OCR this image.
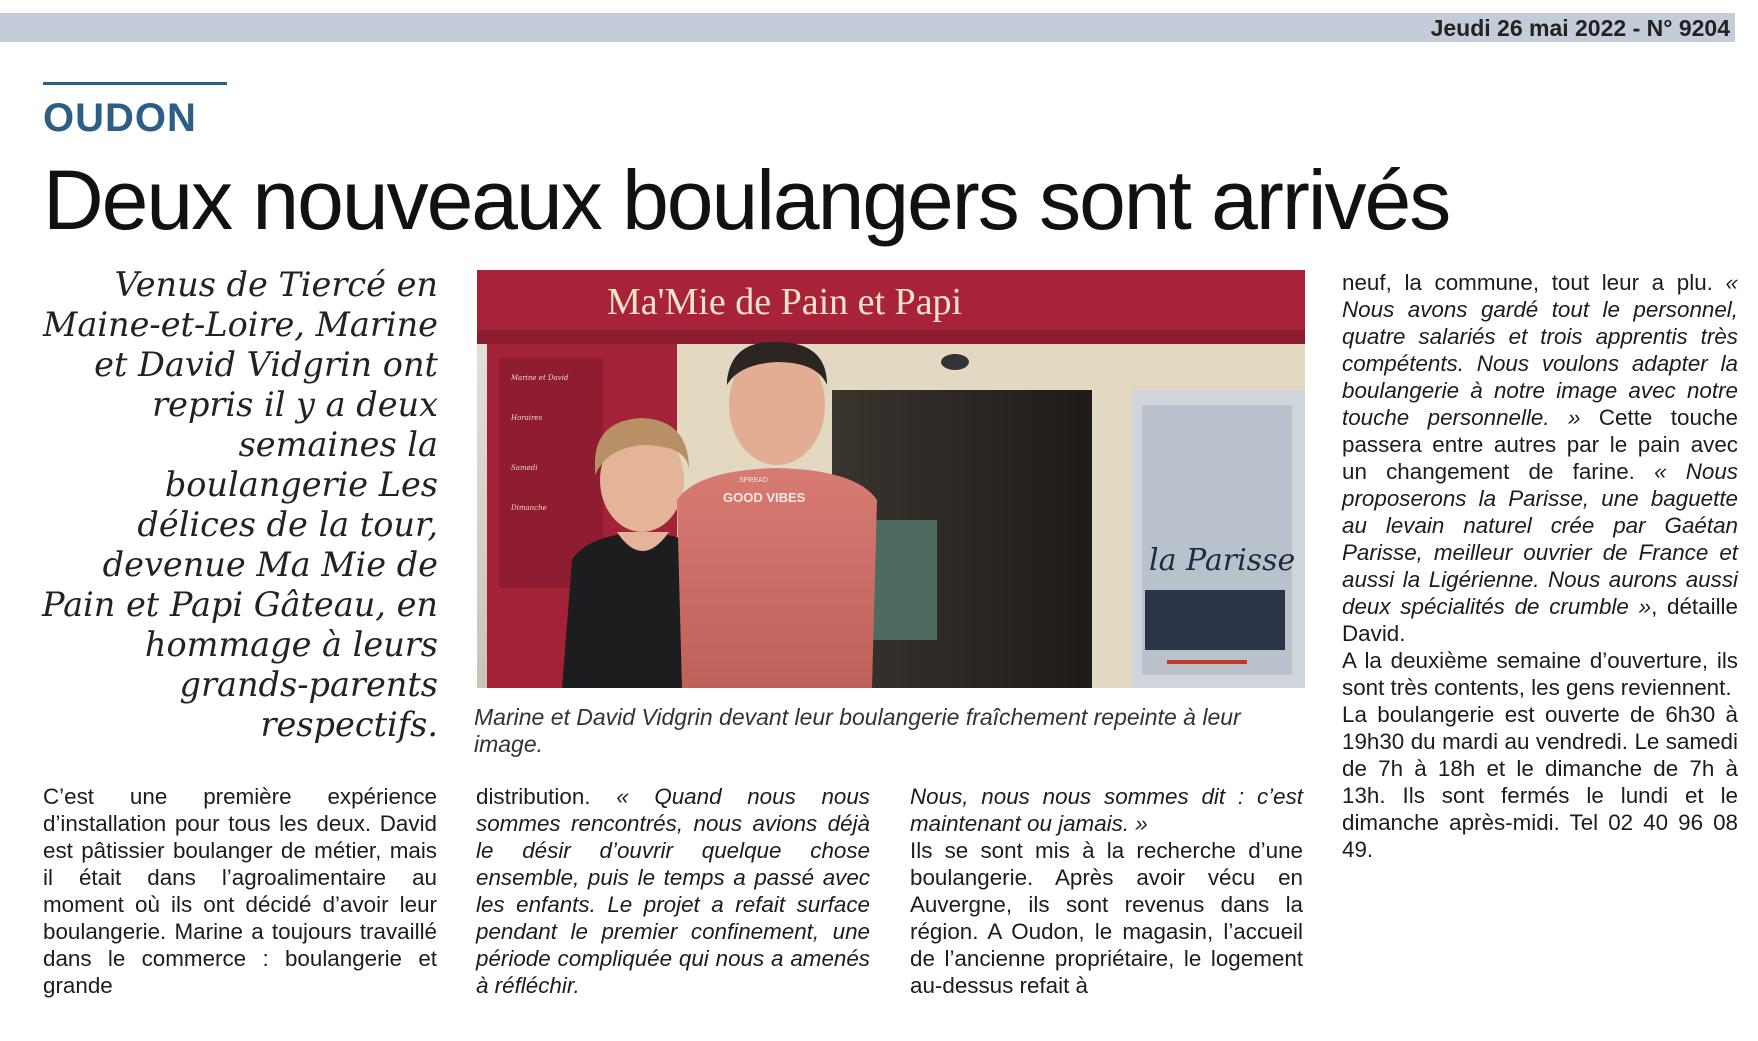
Jeudi 26 mai 2022 - N° 9204
OUDON
Deux nouveaux boulangers sont arrivés
Venus de Tiercé en Maine-et-Loire, Marine et David Vidgrin ont repris il y a deux semaines la boulangerie Les délices de la tour, devenue Ma Mie de Pain et Papi Gâteau, en hommage à leurs grands-parents respectifs.
Marine et David
Horaires
Samedi
Dimanche
Ma'Mie de Pain et Papi
la Parisse
SPREAD
GOOD VIBES
Marine et David Vidgrin devant leur boulangerie fraîchement repeinte à leur image.

C’est une première expérience d’installation pour tous les deux. David est pâtissier boulanger de métier, mais il était dans l’agroalimentaire au moment où ils ont décidé d’avoir leur boulangerie. Marine a toujours travaillé dans le commerce : boulangerie et grande

distribution. « Quand nous nous sommes rencontrés, nous avions déjà le désir d’ouvrir quelque chose ensemble, puis le temps a passé avec les enfants. Le projet a refait surface pendant le premier confinement, une période compliquée qui nous a amenés à réfléchir.

Nous, nous nous sommes dit : c’est maintenant ou jamais. »

Ils se sont mis à la recherche d’une boulangerie. Après avoir vécu en Auvergne, ils sont revenus dans la région. A Oudon, le magasin, l’accueil de l’ancienne propriétaire, le logement au-dessus refait à

neuf, la commune, tout leur a plu. « Nous avons gardé tout le personnel, quatre salariés et trois apprentis très compétents. Nous voulons adapter la boulangerie à notre image avec notre touche personnelle. » Cette touche passera entre autres par le pain avec un changement de farine. « Nous proposerons la Parisse, une baguette au levain naturel crée par Gaétan Parisse, meilleur ouvrier de France et aussi la Ligérienne. Nous aurons aussi deux spécialités de crumble », détaille David.

A la deuxième semaine d’ouverture, ils sont très contents, les gens reviennent.

La boulangerie est ouverte de 6h30 à 19h30 du mardi au vendredi. Le samedi de 7h à 18h et le dimanche de 7h à 13h. Ils sont fermés le lundi et le dimanche après-midi. Tel 02 40 96 08 49.
